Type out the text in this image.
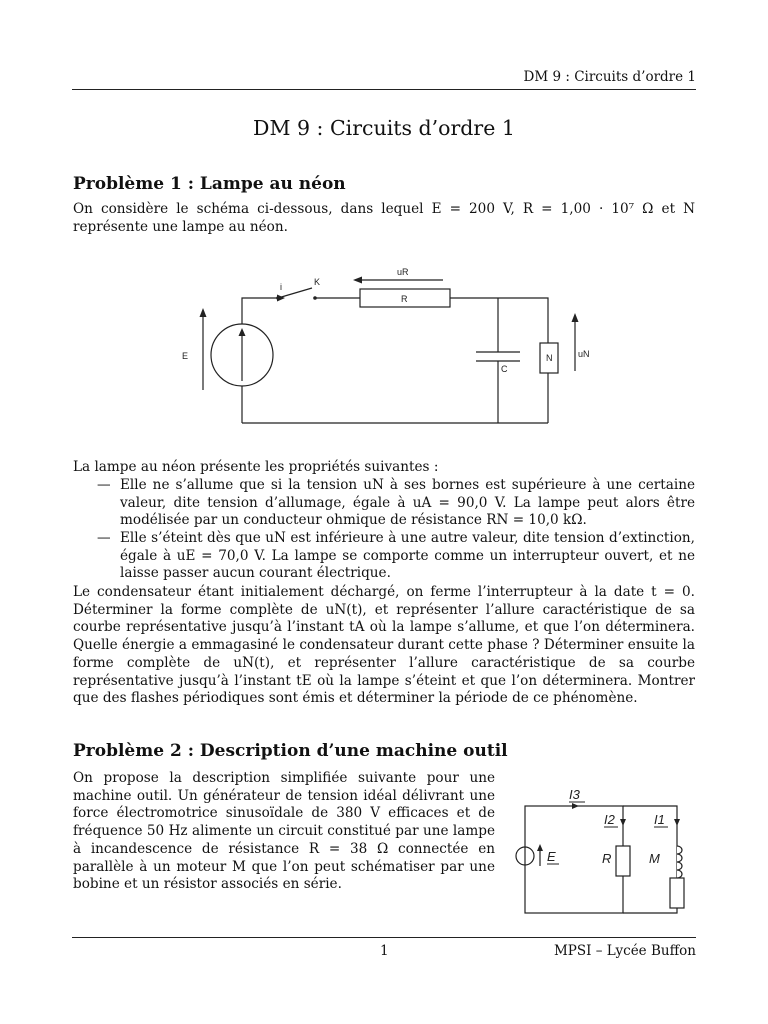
DM 9 : Circuits d’ordre 1
DM 9 : Circuits d’ordre 1
Problème 1 : Lampe au néon

On considère le schéma ci-dessous, dans lequel E = 200 V, R = 1,00 · 10⁷ Ω et N représente une lampe au néon.

E
i	K
R
uR
C
N	uN
La lampe au néon présente les propriétés suivantes :
— Elle ne s’allume que si la tension uN à ses bornes est supérieure à une certaine valeur, dite tension d’allumage, égale à uA = 90,0 V. La lampe peut alors être modélisée par un conducteur ohmique de résistance RN = 10,0 kΩ.
— Elle s’éteint dès que uN est inférieure à une autre valeur, dite tension d’extinction, égale à uE = 70,0 V. La lampe se comporte comme un interrupteur ouvert, et ne laisse passer aucun courant électrique.
Le condensateur étant initialement déchargé, on ferme l’interrupteur à la date t = 0. Déterminer la forme complète de uN(t), et représenter l’allure caractéristique de sa courbe représentative jusqu’à l’instant tA où la lampe s’allume, et que l’on déterminera. Quelle énergie a emmagasiné le condensateur durant cette phase ? Déterminer ensuite la forme complète de uN(t), et représenter l’allure caractéristique de sa courbe représentative jusqu’à l’instant tE où la lampe s’éteint et que l’on déterminera. Montrer que des flashes périodiques sont émis et déterminer la période de ce phénomène.
Problème 2 : Description d’une machine outil
On propose la description simplifiée suivante pour une machine outil. Un générateur de tension idéal délivrant une force électromotrice sinusoïdale de 380 V efficaces et de fréquence 50 Hz alimente un circuit constitué par une lampe à incandescence de résistance R = 38 Ω connectée en parallèle à un moteur M que l’on peut schématiser par une bobine et un résistor associés en série.
I3
I2	I1
E	R	M
1	MPSI – Lycée Buffon
